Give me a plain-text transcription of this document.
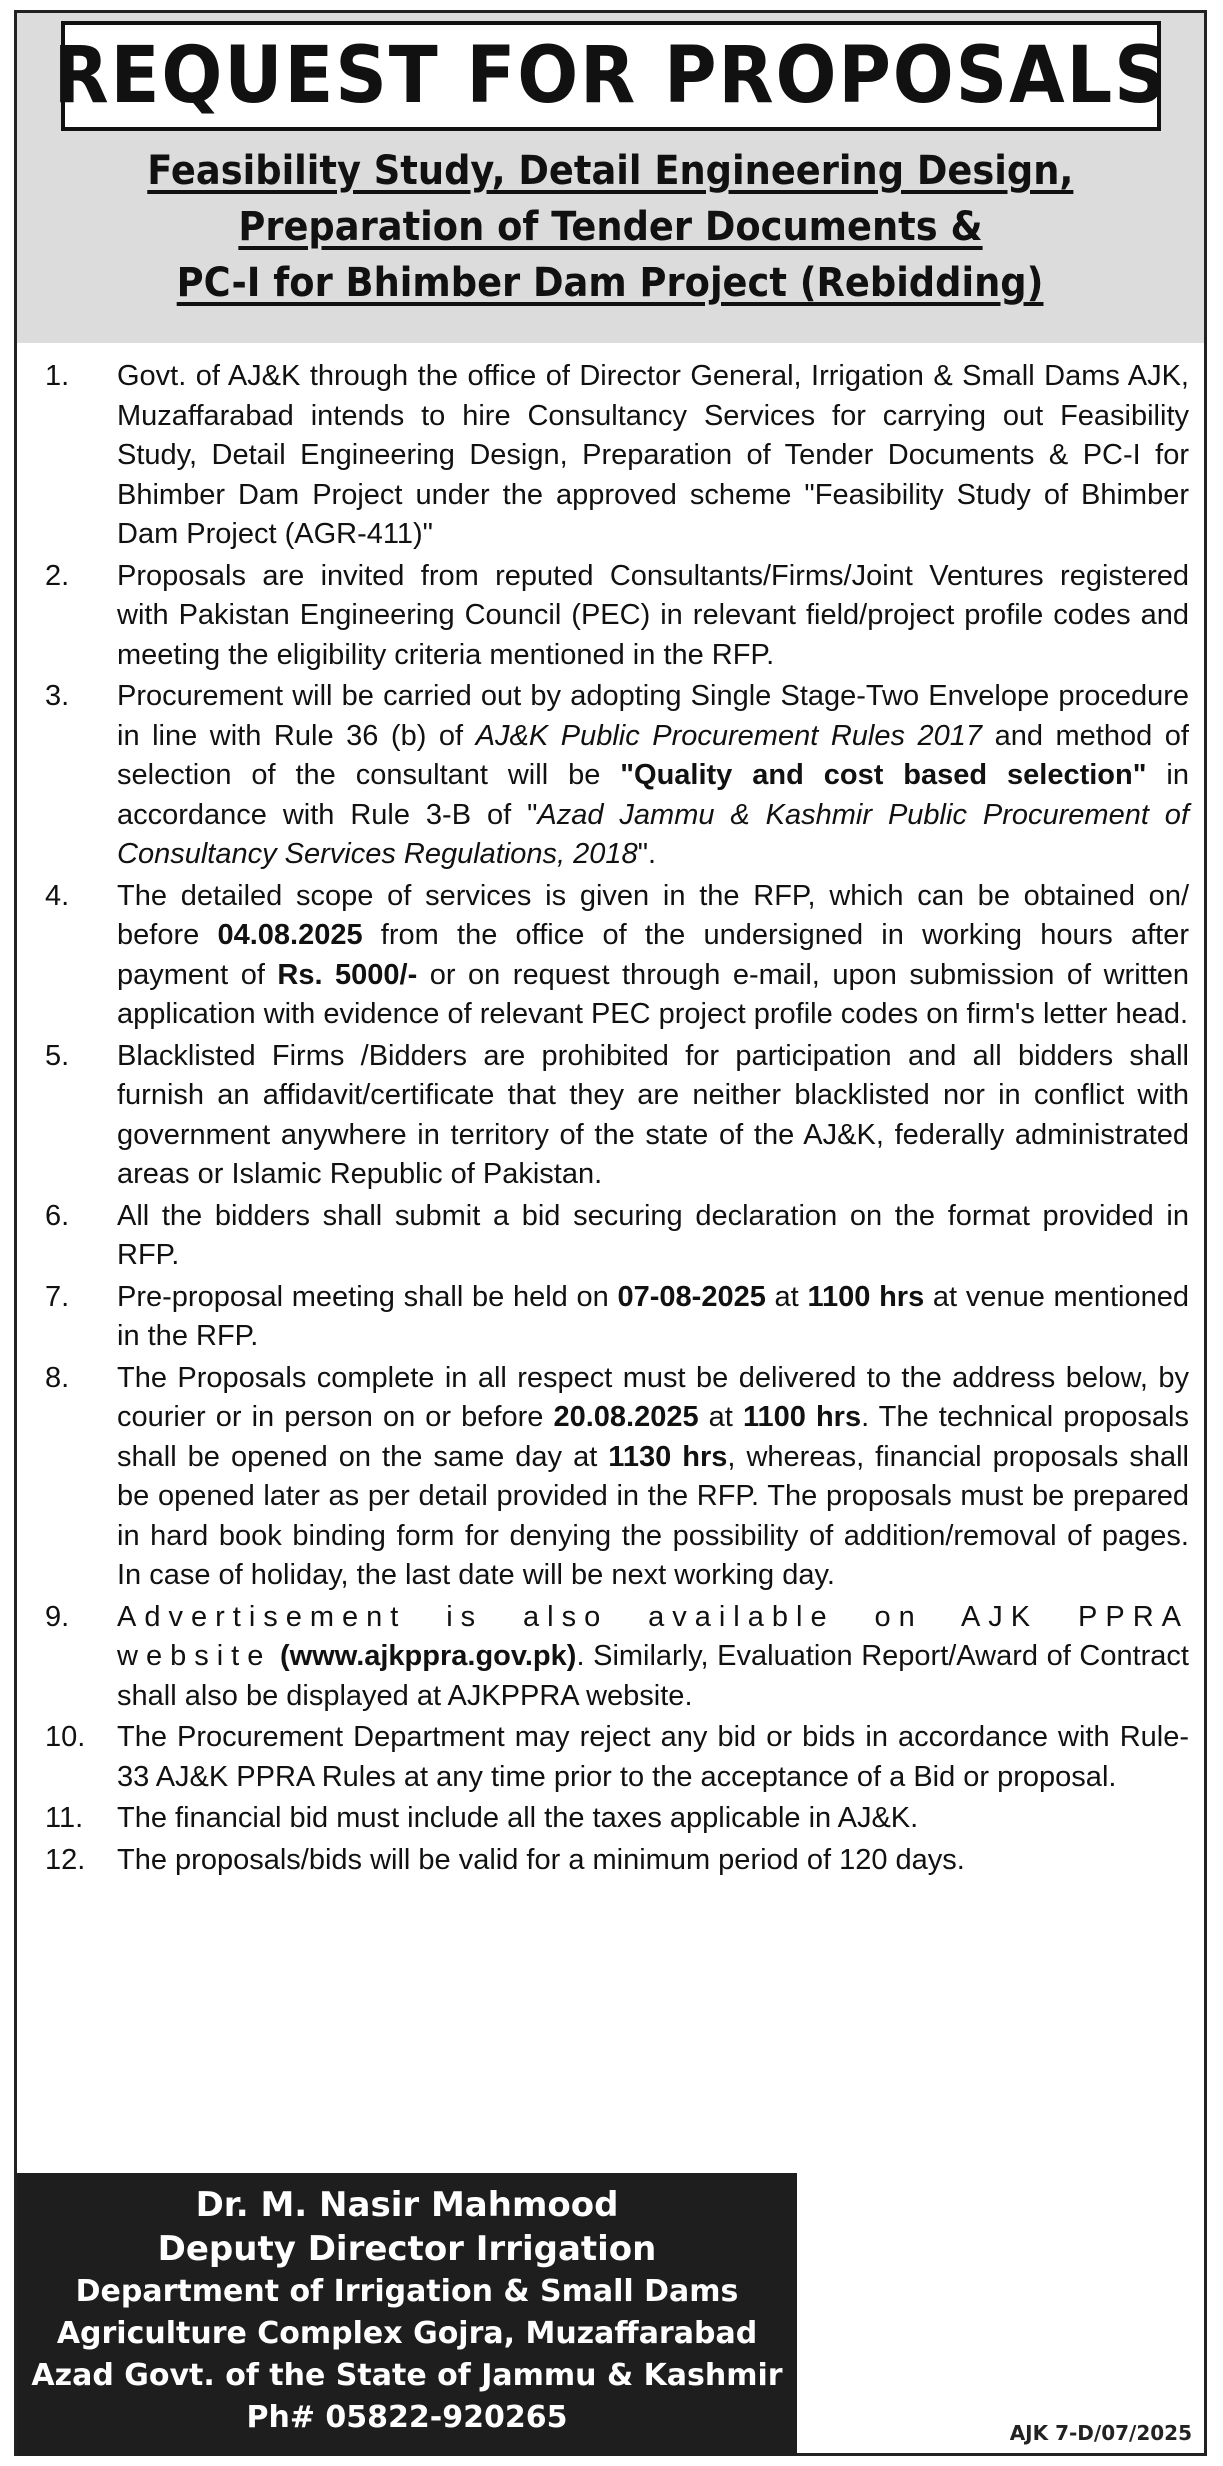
REQUEST FOR PROPOSALS
Feasibility Study, Detail Engineering Design,
Preparation of Tender Documents &
PC-I for Bhimber Dam Project (Rebidding)
1.	Govt. of AJ&K through the office of Director General, Irrigation & Small Dams AJK, Muzaffarabad intends to hire Consultancy Services for carrying out Feasibility Study, Detail Engineering Design, Preparation of Tender Documents & PC-I for Bhimber Dam Project under the approved scheme "Feasibility Study of Bhimber Dam Project (AGR-411)"
2.	Proposals are invited from reputed Consultants/Firms/Joint Ventures registered with Pakistan Engineering Council (PEC) in relevant field/project profile codes and meeting the eligibility criteria mentioned in the RFP.
3.	Procurement will be carried out by adopting Single Stage-Two Envelope procedure in line with Rule 36 (b) of AJ&K Public Procurement Rules 2017 and method of selection of the consultant will be "Quality and cost based selection" in accordance with Rule 3-B of "Azad Jammu & Kashmir Public Procurement of Consultancy Services Regulations, 2018".
4.	The detailed scope of services is given in the RFP, which can be obtained on/ before 04.08.2025 from the office of the undersigned in working hours after payment of Rs. 5000/- or on request through e-mail, upon submission of written application with evidence of relevant PEC project profile codes on firm's letter head.
5.	Blacklisted Firms /Bidders are prohibited for participation and all bidders shall furnish an affidavit/certificate that they are neither blacklisted nor in conflict with government anywhere in territory of the state of the AJ&K, federally administrated areas or Islamic Republic of Pakistan.
6.	All the bidders shall submit a bid securing declaration on the format provided in RFP.
7.	Pre-proposal meeting shall be held on 07-08-2025 at 1100 hrs at venue mentioned in the RFP.
8.	The Proposals complete in all respect must be delivered to the address below, by courier or in person on or before 20.08.2025 at 1100 hrs. The technical proposals shall be opened on the same day at 1130 hrs, whereas, financial proposals shall be opened later as per detail provided in the RFP. The proposals must be prepared in hard book binding form for denying the possibility of addition/removal of pages. In case of holiday, the last date will be next working day.
9.	Advertisement is also available on AJK PPRA website (www.ajkppra.gov.pk). Similarly, Evaluation Report/Award of Contract shall also be displayed at AJKPPRA website.
10.	The Procurement Department may reject any bid or bids in accordance with Rule-33 AJ&K PPRA Rules at any time prior to the acceptance of a Bid or proposal.
11.	The financial bid must include all the taxes applicable in AJ&K.
12.	The proposals/bids will be valid for a minimum period of 120 days.
Dr. M. Nasir Mahmood
Deputy Director Irrigation
Department of Irrigation & Small Dams
Agriculture Complex Gojra, Muzaffarabad
Azad Govt. of the State of Jammu & Kashmir
Ph# 05822-920265	AJK 7-D/07/2025
